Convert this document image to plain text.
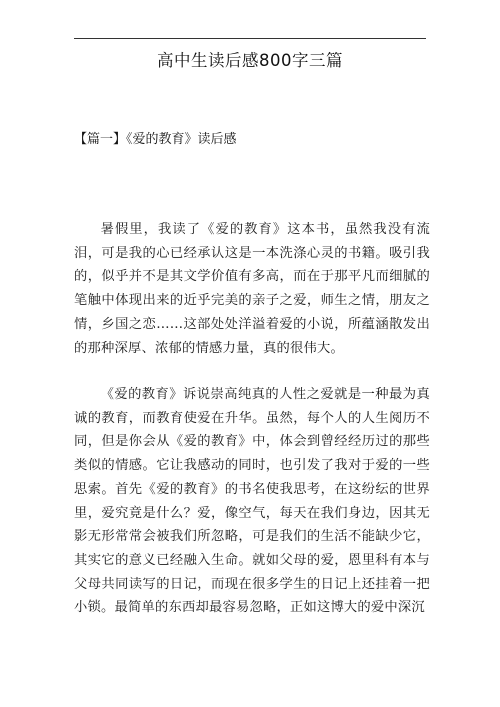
高中生读后感800字三篇
【篇一】《爱的教育》读后感

暑假里，我读了《爱的教育》这本书，虽然我没有流泪，可是我的心已经承认这是一本洗涤心灵的书籍。吸引我的，似乎并不是其文学价值有多高，而在于那平凡而细腻的笔触中体现出来的近乎完美的亲子之爱，师生之情，朋友之情，乡国之恋……这部处处洋溢着爱的小说，所蕴涵散发出的那种深厚、浓郁的情感力量，真的很伟大。

《爱的教育》诉说崇高纯真的人性之爱就是一种最为真诚的教育，而教育使爱在升华。虽然，每个人的人生阅历不同，但是你会从《爱的教育》中，体会到曾经经历过的那些类似的情感。它让我感动的同时，也引发了我对于爱的一些思索。首先《爱的教育》的书名使我思考，在这纷纭的世界里，爱究竟是什么？爱，像空气，每天在我们身边，因其无影无形常常会被我们所忽略，可是我们的生活不能缺少它，其实它的意义已经融入生命。就如父母的爱，恩里科有本与父母共同读写的日记，而现在很多学生的日记上还挂着一把小锁。最简单的东西却最容易忽略，正如这博大的爱中深沉
